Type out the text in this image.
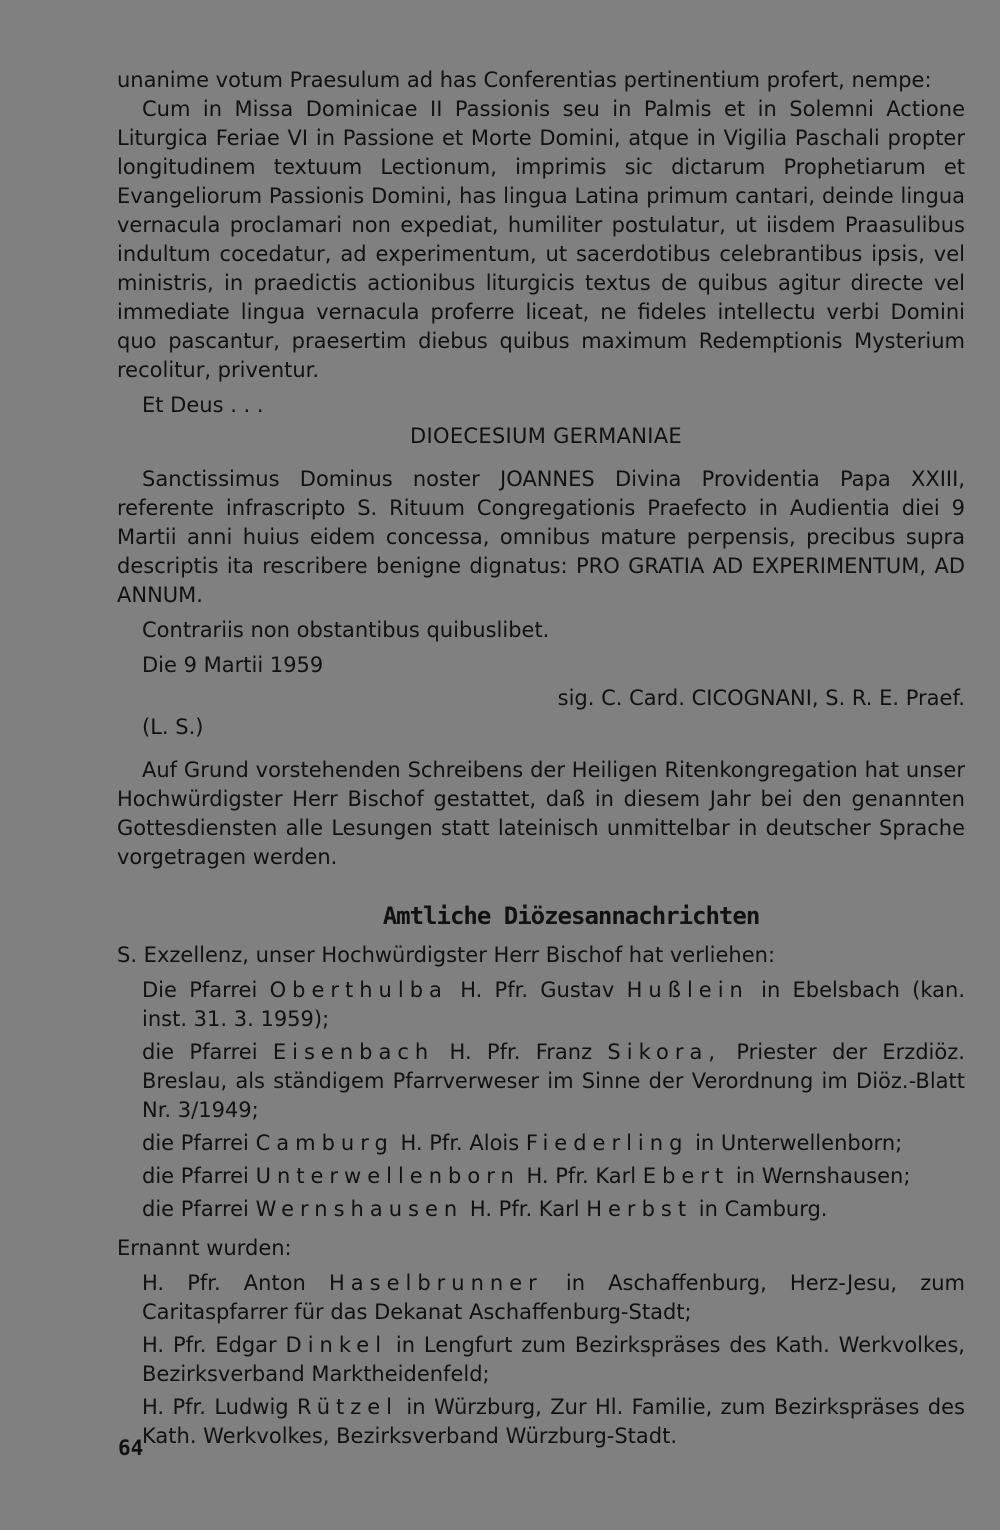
unanime votum Praesulum ad has Conferentias pertinentium profert, nempe:

Cum in Missa Dominicae II Passionis seu in Palmis et in Solemni Actione Liturgica Feriae VI in Passione et Morte Domini, atque in Vigilia Paschali propter longitudinem textuum Lectionum, imprimis sic dictarum Prophetiarum et Evangeliorum Passionis Domini, has lingua Latina primum cantari, deinde lingua vernacula proclamari non expediat, humiliter postulatur, ut iisdem Praasulibus indultum cocedatur, ad experimentum, ut sacerdotibus celebrantibus ipsis, vel ministris, in praedictis actionibus liturgicis textus de quibus agitur directe vel immediate lingua vernacula proferre liceat, ne fideles intellectu verbi Domini quo pascantur, praesertim diebus quibus maximum Redemptionis Mysterium recolitur, priventur.

Et Deus . . .

DIOECESIUM GERMANIAE

Sanctissimus Dominus noster JOANNES Divina Providentia Papa XXIII, referente infrascripto S. Rituum Congregationis Praefecto in Audientia diei 9 Martii anni huius eidem concessa, omnibus mature perpensis, precibus supra descriptis ita rescribere benigne dignatus: PRO GRATIA AD EXPERIMENTUM, AD ANNUM.

Contrariis non obstantibus quibuslibet.

Die 9 Martii 1959

sig. C. Card. CICOGNANI, S. R. E. Praef.

(L. S.)

Auf Grund vorstehenden Schreibens der Heiligen Ritenkongregation hat unser Hochwürdigster Herr Bischof gestattet, daß in diesem Jahr bei den genannten Gottesdiensten alle Lesungen statt lateinisch unmittelbar in deutscher Sprache vorgetragen werden.

Amtliche Diözesannachrichten

S. Exzellenz, unser Hochwürdigster Herr Bischof hat verliehen:

Die Pfarrei Oberthulba H. Pfr. Gustav Hußlein in Ebelsbach (kan. inst. 31. 3. 1959);

die Pfarrei Eisenbach H. Pfr. Franz Sikora, Priester der Erzdiöz. Breslau, als ständigem Pfarrverweser im Sinne der Verordnung im Diöz.-Blatt Nr. 3/1949;

die Pfarrei Camburg H. Pfr. Alois Fiederling in Unterwellenborn;

die Pfarrei Unterwellenborn H. Pfr. Karl Ebert in Wernshausen;

die Pfarrei Wernshausen H. Pfr. Karl Herbst in Camburg.

Ernannt wurden:

H. Pfr. Anton Haselbrunner in Aschaffenburg, Herz-Jesu, zum Caritaspfarrer für das Dekanat Aschaffenburg-Stadt;

H. Pfr. Edgar Dinkel in Lengfurt zum Bezirkspräses des Kath. Werkvolkes, Bezirksverband Marktheidenfeld;

H. Pfr. Ludwig Rützel in Würzburg, Zur Hl. Familie, zum Bezirkspräses des Kath. Werkvolkes, Bezirksverband Würzburg-Stadt.

64
